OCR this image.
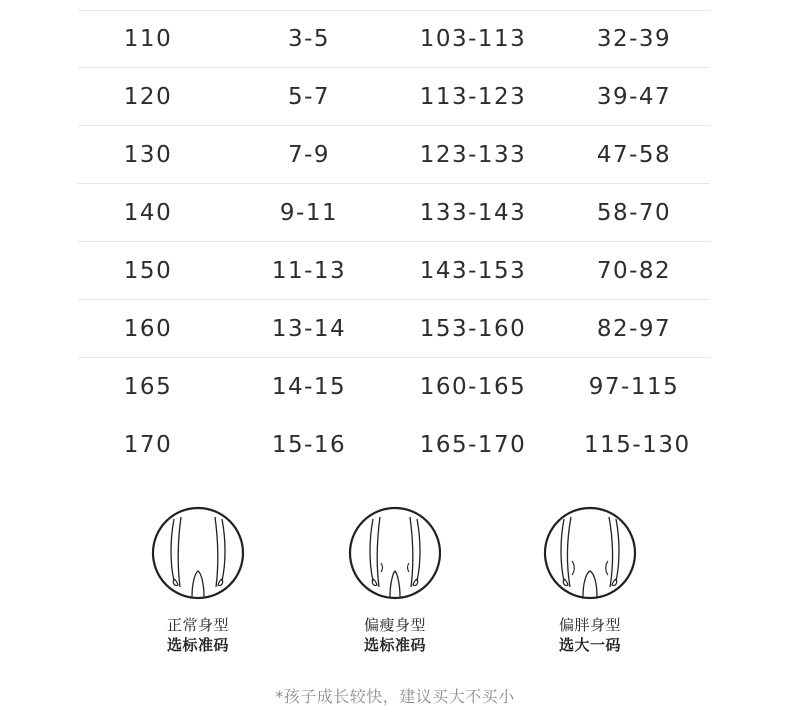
110	3-5	103-113	32-39
120	5-7	113-123	39-47
130	7-9	123-133	47-58
140	9-11	133-143	58-70
150	11-13	143-153	70-82
160	13-14	153-160	82-97
165	14-15	160-165	97-115
170	15-16	165-170	115-130
正常身型
选标准码
偏瘦身型
选标准码
偏胖身型
选大一码
*孩子成长较快，建议买大不买小
